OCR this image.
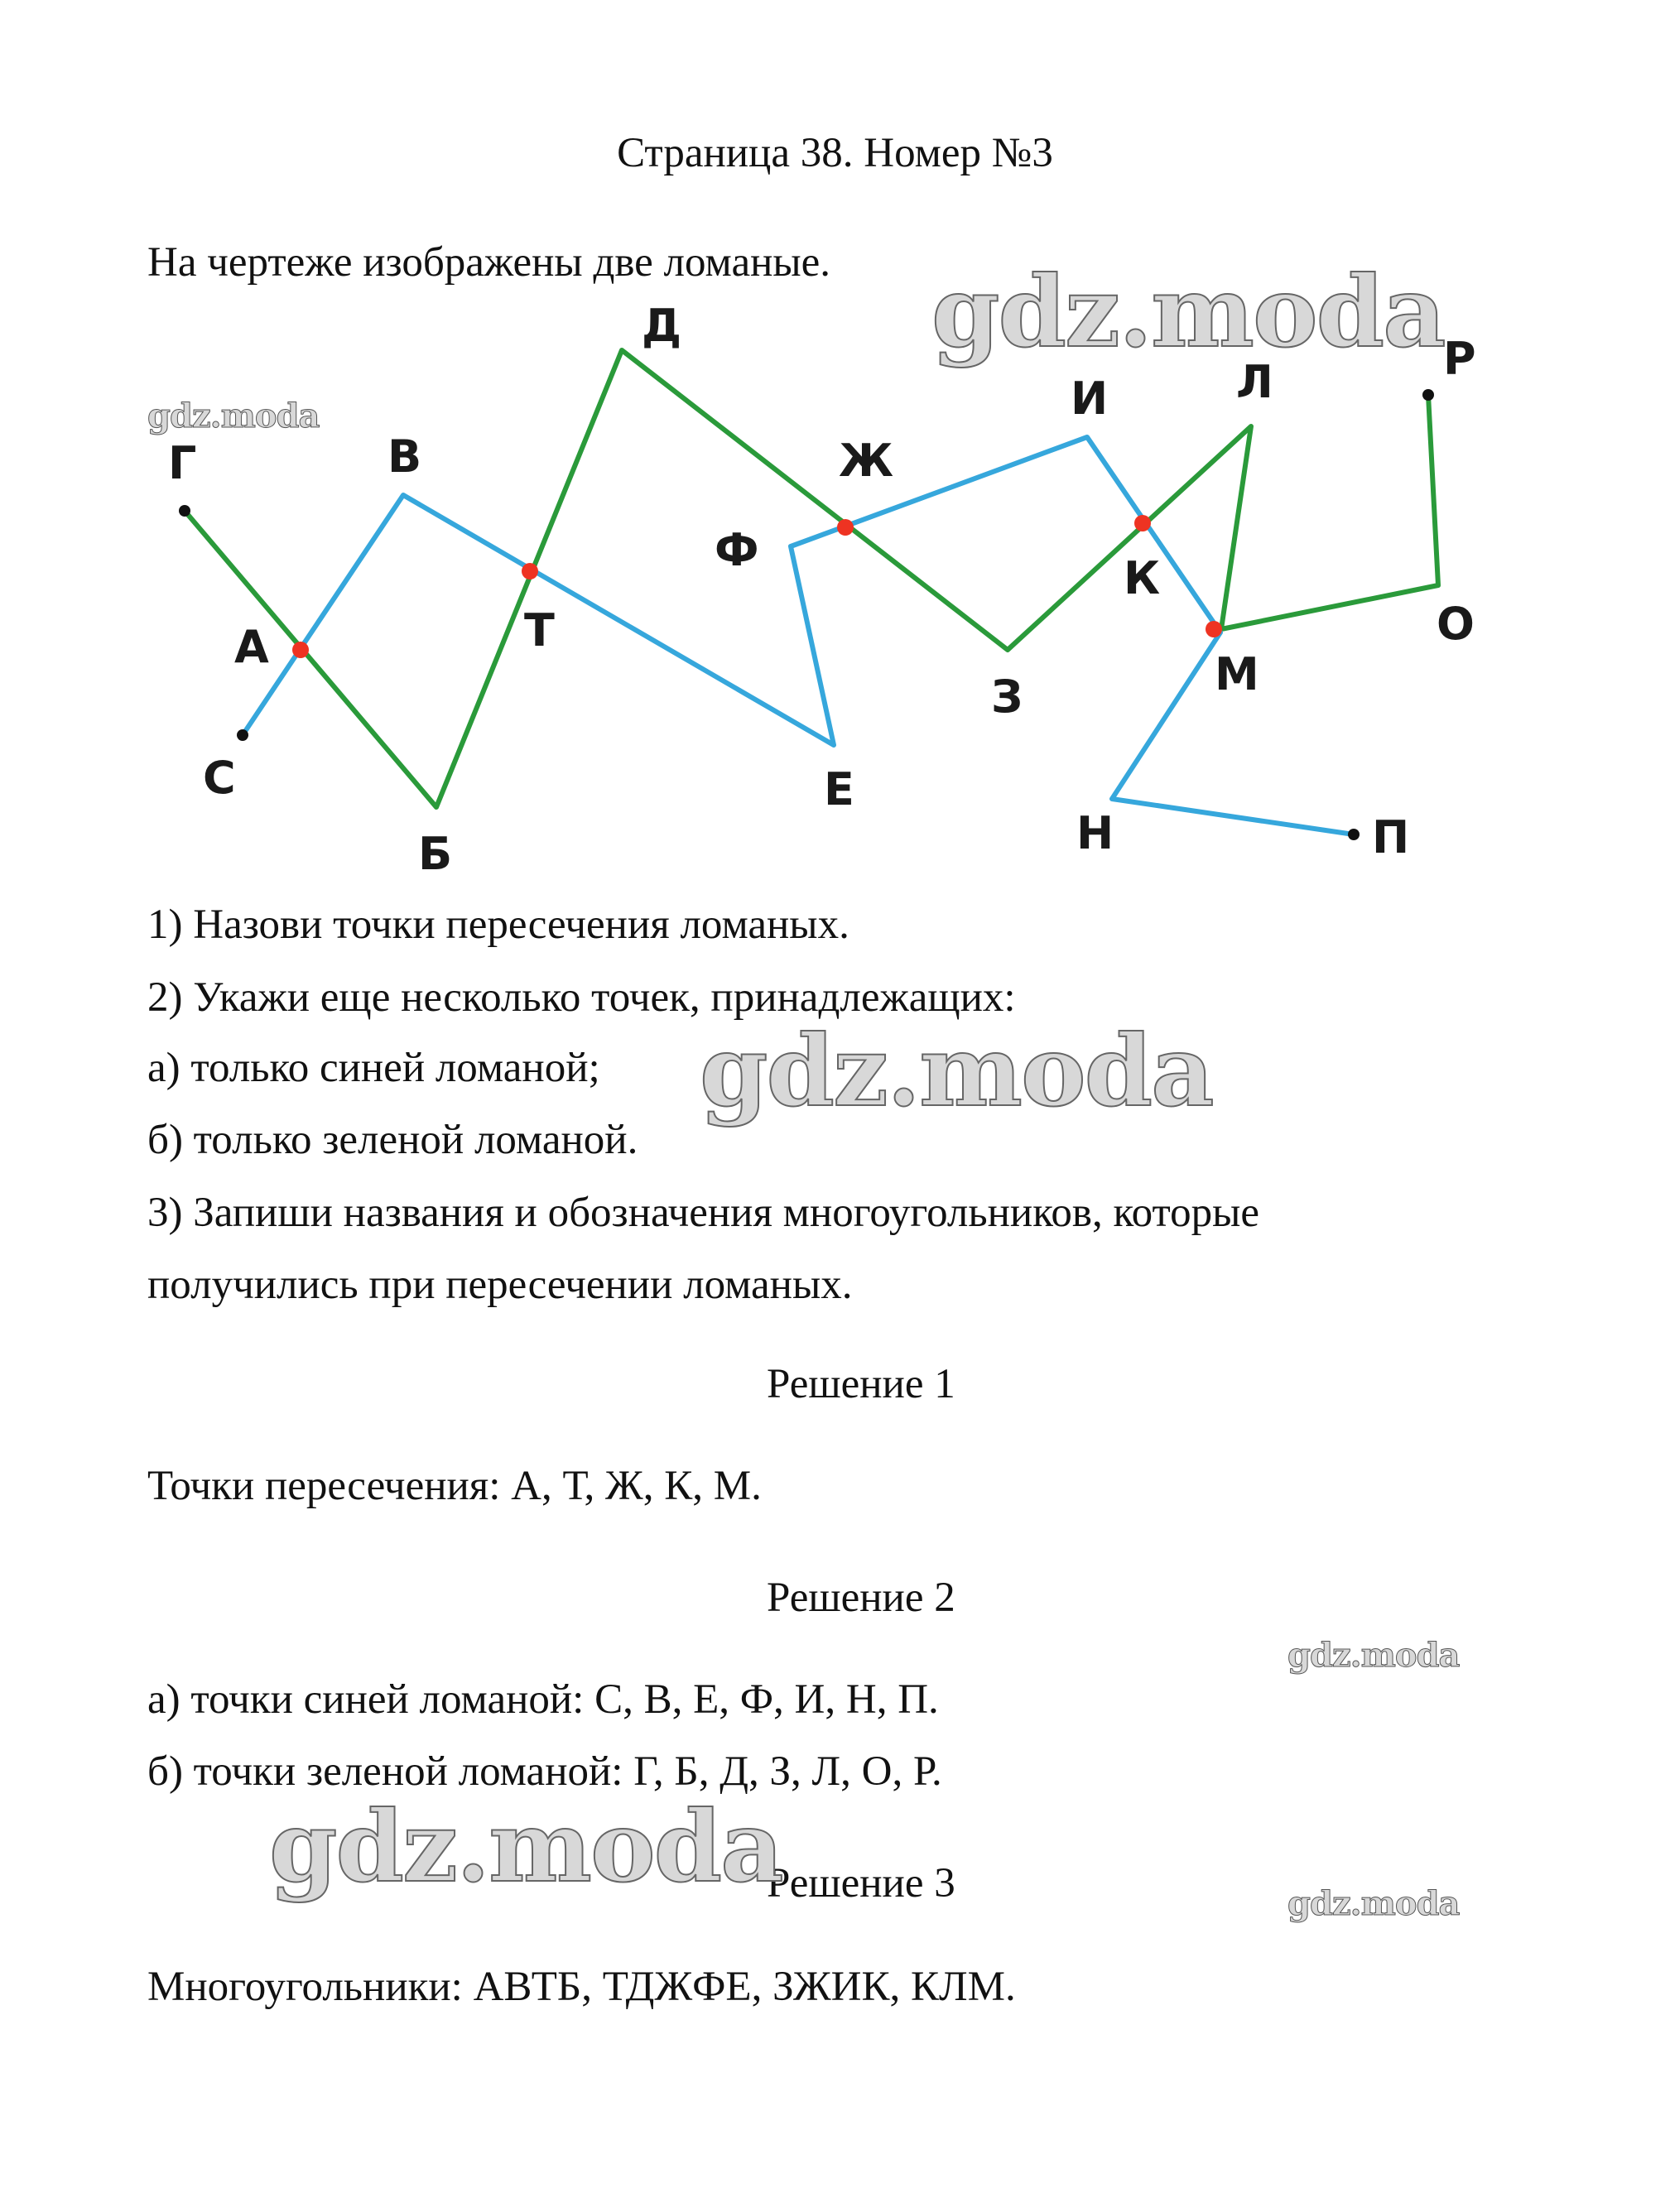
Страница 38. Номер №3
На чертеже изображены две ломаные.
Г	В
Д
Ж
И	Л	Р
Ф
Т
А
К
О
М
З
С	Е
Б	Н	П
1) Назови точки пересечения ломаных.
2) Укажи еще несколько точек, принадлежащих:
а) только синей ломаной;
б) только зеленой ломаной.
3) Запиши названия и обозначения многоугольников, которые
получились при пересечении ломаных.
Решение 1
Точки пересечения: А, Т, Ж, К, М.
Решение 2
а) точки синей ломаной: С, В, Е, Ф, И, Н, П.
б) точки зеленой ломаной: Г, Б, Д, З, Л, О, Р.
Решение 3
Многоугольники: АВТБ, ТДЖФЕ, ЗЖИК, КЛМ.
gdz.moda
gdz.moda
gdz.moda
gdz.moda
gdz.moda	gdz.moda
